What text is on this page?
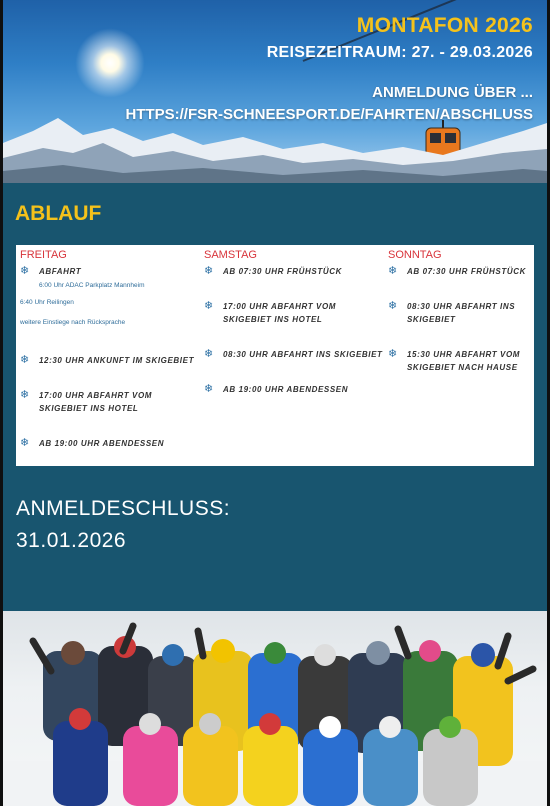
MONTAFON 2026
REISEZEITRAUM: 27. - 29.03.2026
ANMELDUNG ÜBER ...
HTTPS://FSR-SCHNEESPORT.DE/FAHRTEN/ABSCHLUSS
ABLAUF
FREITAG
❄ ABFAHRT
6:00 Uhr ADAC Parkplatz Mannheim
6:40 Uhr Reilingen
weitere Einstiege nach Rücksprache
❄ 12:30 UHR ANKUNFT IM SKIGEBIET
❄ 17:00 UHR ABFAHRT VOM SKIGEBIET INS HOTEL
❄ AB 19:00 UHR ABENDESSEN
SAMSTAG
❄ AB 07:30 UHR FRÜHSTÜCK
❄ 17:00 UHR ABFAHRT VOM SKIGEBIET INS HOTEL
❄ 08:30 UHR ABFAHRT INS SKIGEBIET
❄ AB 19:00 UHR ABENDESSEN
SONNTAG
❄ AB 07:30 UHR FRÜHSTÜCK
❄ 08:30 UHR ABFAHRT INS SKIGEBIET
❄ 15:30 UHR ABFAHRT VOM SKIGEBIET NACH HAUSE
ANMELDESCHLUSS:
31.01.2026
